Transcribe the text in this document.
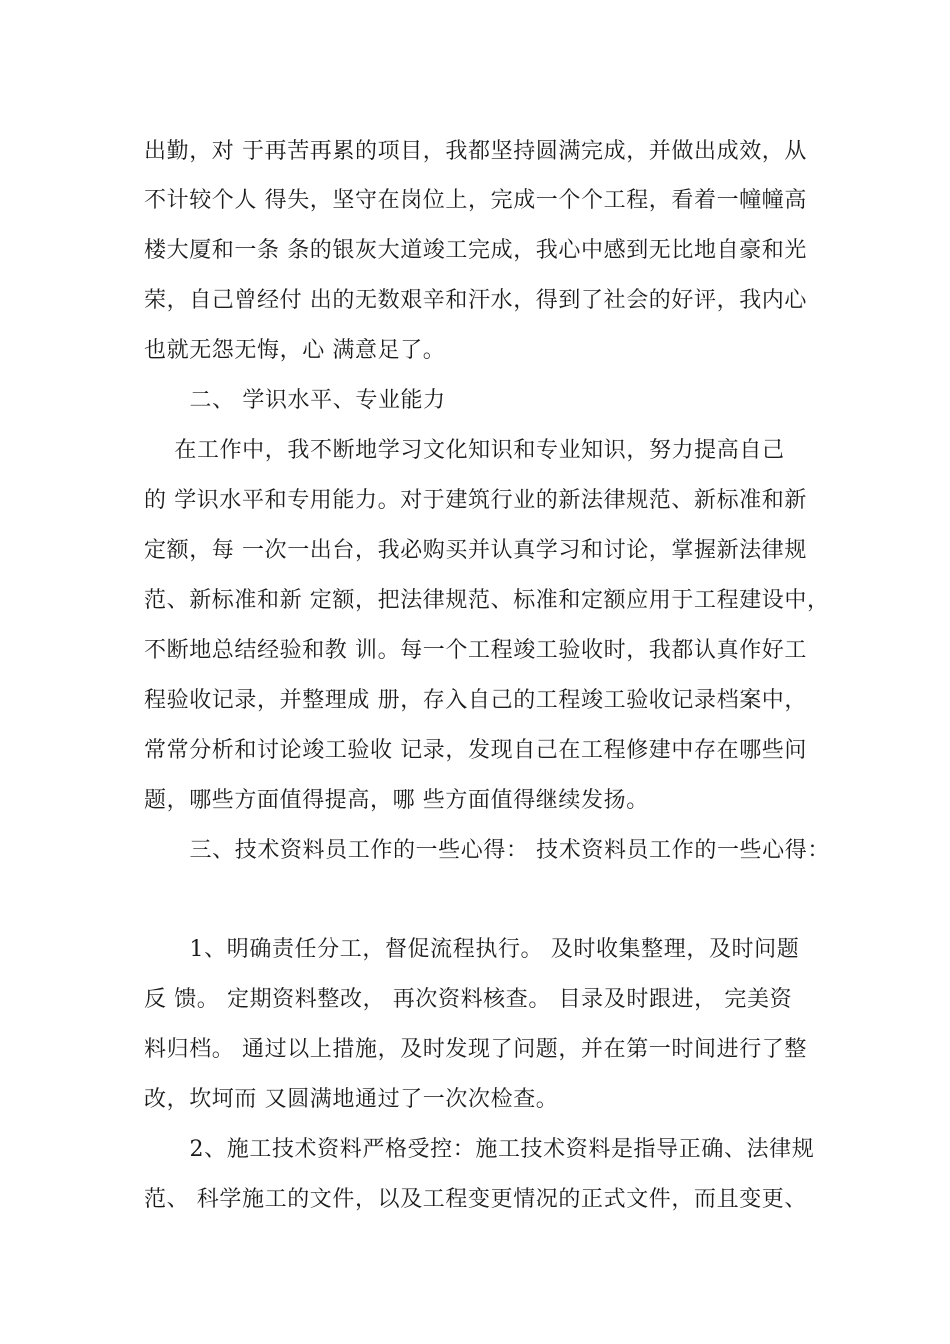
出勤，对 于再苦再累的项目，我都坚持圆满完成，并做出成效，从
不计较个人 得失，坚守在岗位上，完成一个个工程，看着一幢幢高
楼大厦和一条 条的银灰大道竣工完成，我心中感到无比地自豪和光
荣，自己曾经付 出的无数艰辛和汗水，得到了社会的好评，我内心
也就无怨无悔，心 满意足了。
二、 学识水平、专业能力
在工作中，我不断地学习文化知识和专业知识，努力提高自己
的 学识水平和专用能力。对于建筑行业的新法律规范、新标准和新
定额，每 一次一出台，我必购买并认真学习和讨论，掌握新法律规
范、新标准和新 定额，把法律规范、标准和定额应用于工程建设中，
不断地总结经验和教 训。每一个工程竣工验收时，我都认真作好工
程验收记录，并整理成 册，存入自己的工程竣工验收记录档案中，
常常分析和讨论竣工验收 记录，发现自己在工程修建中存在哪些问
题，哪些方面值得提高，哪 些方面值得继续发扬。
三、技术资料员工作的一些心得： 技术资料员工作的一些心得：
1、明确责任分工，督促流程执行。 及时收集整理，及时问题
反 馈。 定期资料整改， 再次资料核查。 目录及时跟进， 完美资
料归档。 通过以上措施，及时发现了问题，并在第一时间进行了整
改，坎坷而 又圆满地通过了一次次检查。
2、施工技术资料严格受控：施工技术资料是指导正确、法律规
范、 科学施工的文件，以及工程变更情况的正式文件，而且变更、
